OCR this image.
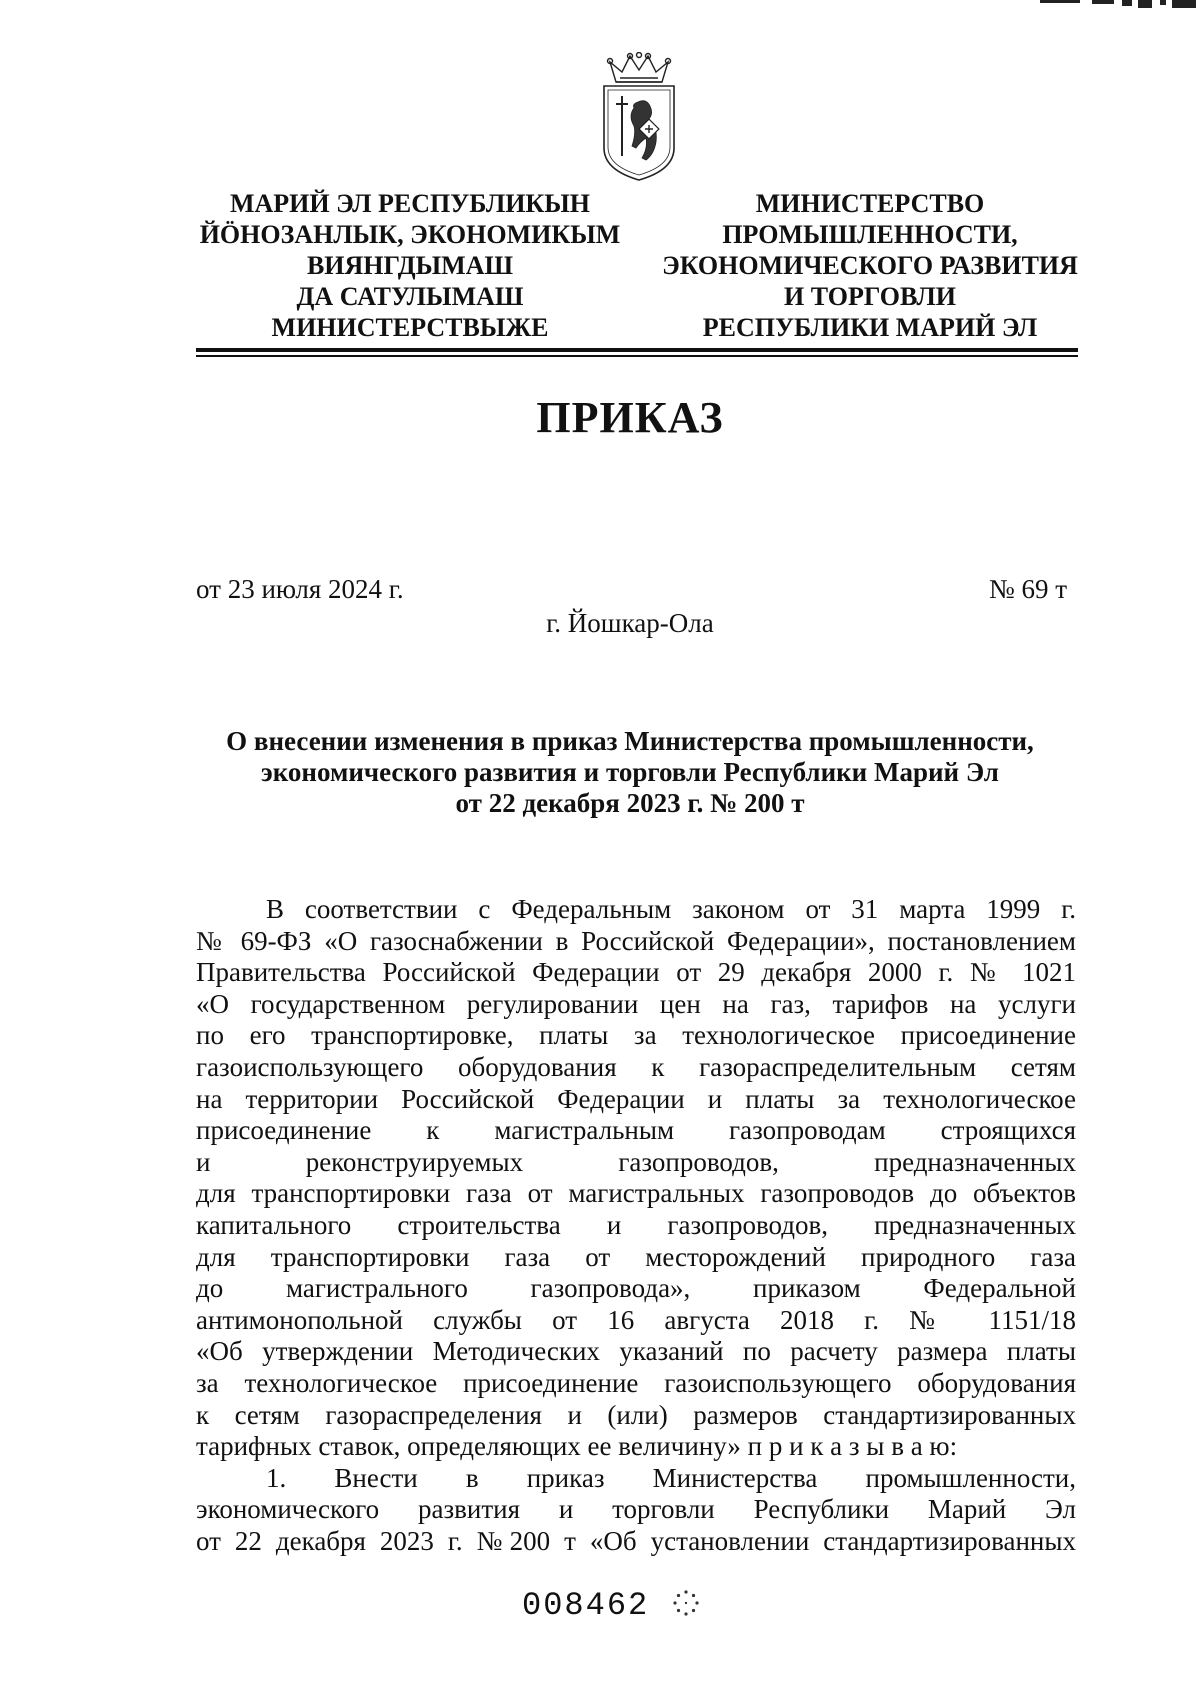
МАРИЙ ЭЛ РЕСПУБЛИКЫН
ЙӦНОЗАНЛЫК, ЭКОНОМИКЫМ
ВИЯНГДЫМАШ
ДА САТУЛЫМАШ
МИНИСТЕРСТВЫЖЕ
МИНИСТЕРСТВО
ПРОМЫШЛЕННОСТИ,
ЭКОНОМИЧЕСКОГО РАЗВИТИЯ
И ТОРГОВЛИ
РЕСПУБЛИКИ МАРИЙ ЭЛ
ПРИКАЗ
от 23 июля 2024 г.	№ 69 т
г. Йошкар-Ола
О внесении изменения в приказ Министерства промышленности,
экономического развития и торговли Республики Марий Эл
от 22 декабря 2023 г. № 200 т
В соответствии с Федеральным законом от 31 марта 1999 г.
№ 69-ФЗ «О газоснабжении в Российской Федерации», постановлением
Правительства Российской Федерации от 29 декабря 2000 г. № 1021
«О государственном регулировании цен на газ, тарифов на услуги
по его транспортировке, платы за технологическое присоединение
газоиспользующего оборудования к газораспределительным сетям
на территории Российской Федерации и платы за технологическое
присоединение к магистральным газопроводам строящихся
и реконструируемых газопроводов, предназначенных
для транспортировки газа от магистральных газопроводов до объектов
капитального строительства и газопроводов, предназначенных
для транспортировки газа от месторождений природного газа
до магистрального газопровода», приказом Федеральной
антимонопольной службы от 16 августа 2018 г. № 1151/18
«Об утверждении Методических указаний по расчету размера платы
за технологическое присоединение газоиспользующего оборудования
к сетям газораспределения и (или) размеров стандартизированных
тарифных ставок, определяющих ее величину» п р и к а з ы в а ю:
1. Внести в приказ Министерства промышленности,
экономического развития и торговли Республики Марий Эл
от 22 декабря 2023 г. №200 т «Об установлении стандартизированных
008462
